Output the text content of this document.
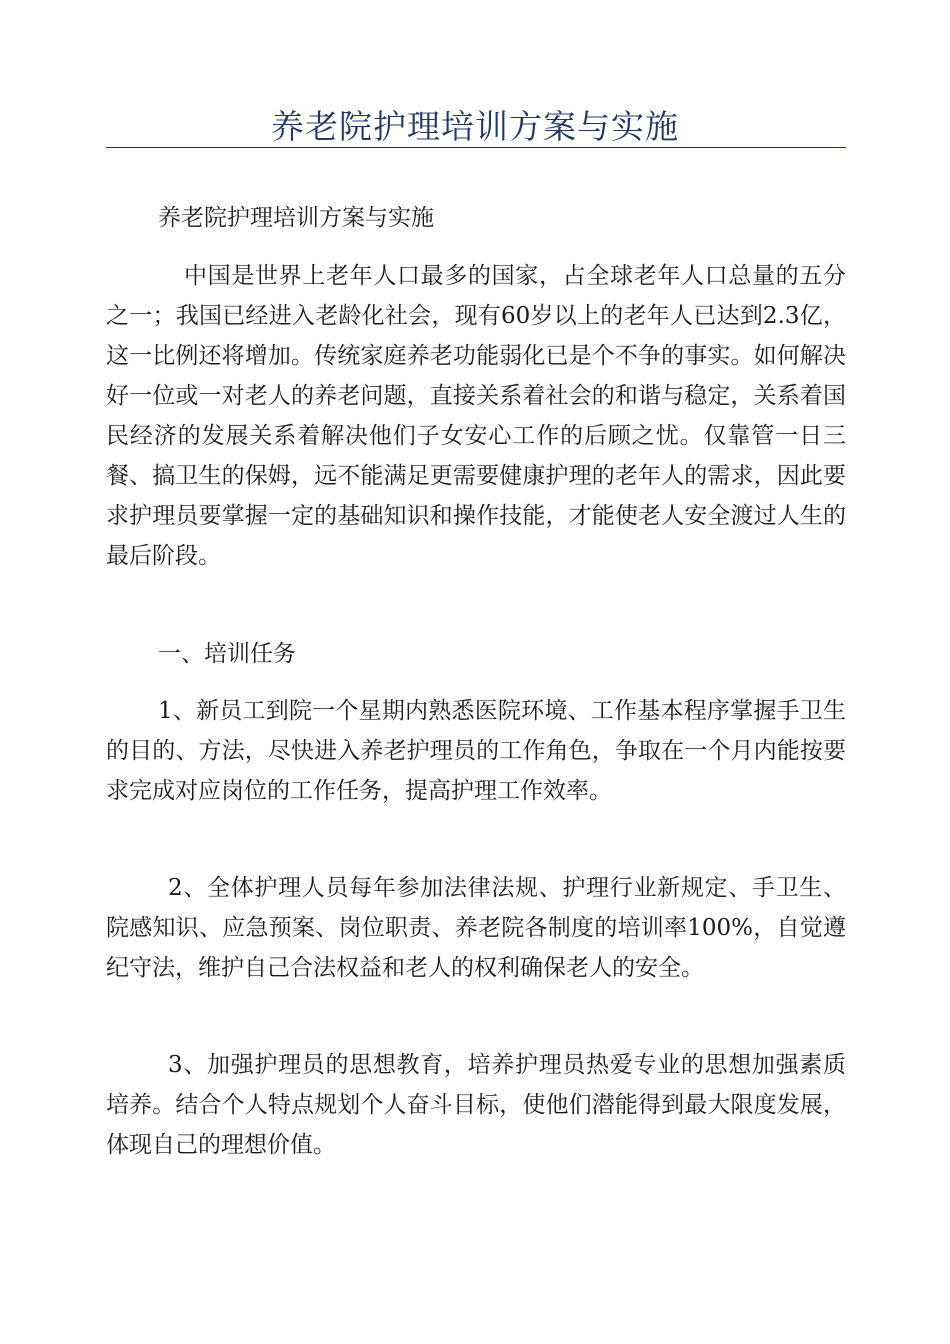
养老院护理培训方案与实施

养老院护理培训方案与实施

中国是世界上老年人口最多的国家，占全球老年人口总量的五分之一；我国已经进入老龄化社会，现有60岁以上的老年人已达到2.3亿，这一比例还将增加。传统家庭养老功能弱化已是个不争的事实。如何解决好一位或一对老人的养老问题，直接关系着社会的和谐与稳定，关系着国民经济的发展关系着解决他们子女安心工作的后顾之忧。仅靠管一日三餐、搞卫生的保姆，远不能满足更需要健康护理的老年人的需求，因此要求护理员要掌握一定的基础知识和操作技能，才能使老人安全渡过人生的最后阶段。

一、培训任务

1、新员工到院一个星期内熟悉医院环境、工作基本程序掌握手卫生的目的、方法，尽快进入养老护理员的工作角色，争取在一个月内能按要求完成对应岗位的工作任务，提高护理工作效率。

2、全体护理人员每年参加法律法规、护理行业新规定、手卫生、院感知识、应急预案、岗位职责、养老院各制度的培训率100%，自觉遵纪守法，维护自己合法权益和老人的权利确保老人的安全。

3、加强护理员的思想教育，培养护理员热爱专业的思想加强素质培养。结合个人特点规划个人奋斗目标，使他们潜能得到最大限度发展，体现自己的理想价值。
